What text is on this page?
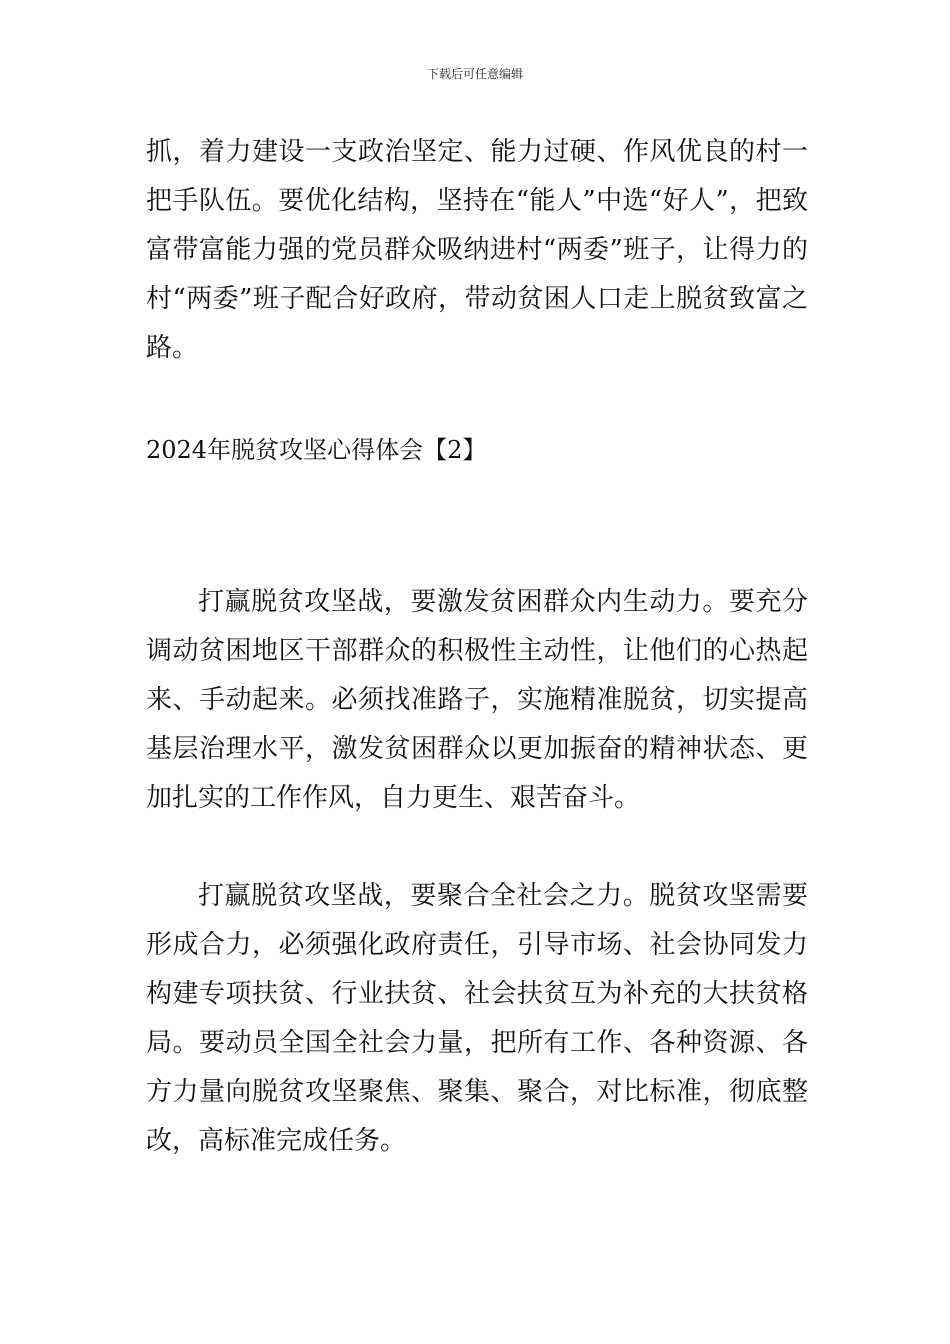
下载后可任意编辑

抓，着力建设一支政治坚定、能力过硬、作风优良的村一把手队伍。要优化结构，坚持在“能人”中选“好人”，把致富带富能力强的党员群众吸纳进村“两委”班子，让得力的村“两委”班子配合好政府，带动贫困人口走上脱贫致富之路。

2024年脱贫攻坚心得体会【2】

打赢脱贫攻坚战，要激发贫困群众内生动力。要充分调动贫困地区干部群众的积极性主动性，让他们的心热起来、手动起来。必须找准路子，实施精准脱贫，切实提高基层治理水平，激发贫困群众以更加振奋的精神状态、更加扎实的工作作风，自力更生、艰苦奋斗。

打赢脱贫攻坚战，要聚合全社会之力。脱贫攻坚需要形成合力，必须强化政府责任，引导市场、社会协同发力构建专项扶贫、行业扶贫、社会扶贫互为补充的大扶贫格局。要动员全国全社会力量，把所有工作、各种资源、各方力量向脱贫攻坚聚焦、聚集、聚合，对比标准，彻底整改，高标准完成任务。
